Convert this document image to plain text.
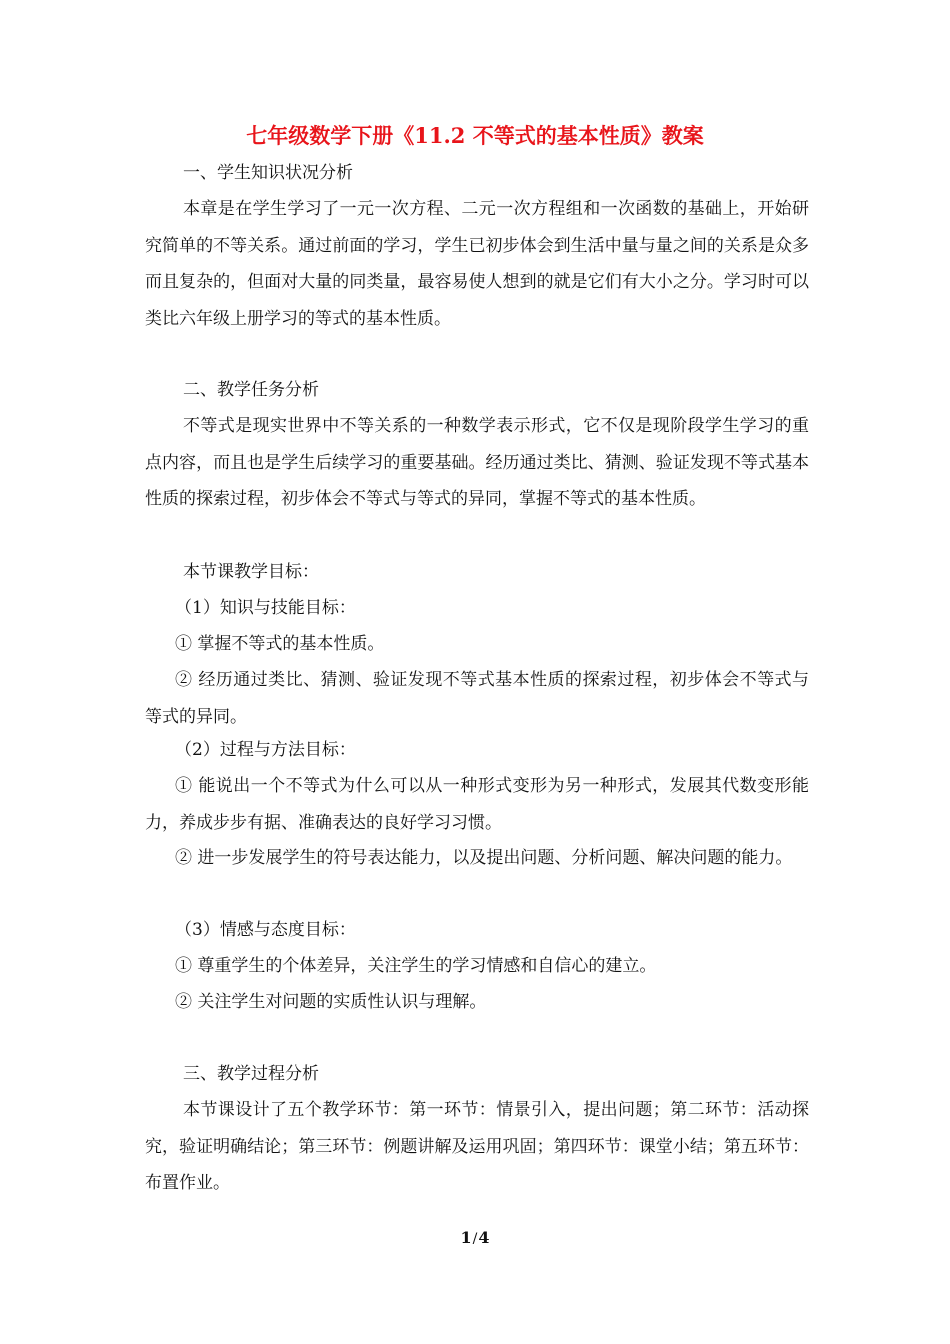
七年级数学下册《11.2 不等式的基本性质》教案

一、学生知识状况分析

本章是在学生学习了一元一次方程、二元一次方程组和一次函数的基础上，开始研究简单的不等关系。通过前面的学习，学生已初步体会到生活中量与量之间的关系是众多而且复杂的，但面对大量的同类量，最容易使人想到的就是它们有大小之分。学习时可以类比六年级上册学习的等式的基本性质。

二、教学任务分析

不等式是现实世界中不等关系的一种数学表示形式，它不仅是现阶段学生学习的重点内容，而且也是学生后续学习的重要基础。经历通过类比、猜测、验证发现不等式基本性质的探索过程，初步体会不等式与等式的异同，掌握不等式的基本性质。

本节课教学目标：

（1）知识与技能目标：

① 掌握不等式的基本性质。

② 经历通过类比、猜测、验证发现不等式基本性质的探索过程，初步体会不等式与等式的异同。

（2）过程与方法目标：

① 能说出一个不等式为什么可以从一种形式变形为另一种形式，发展其代数变形能力，养成步步有据、准确表达的良好学习习惯。

② 进一步发展学生的符号表达能力，以及提出问题、分析问题、解决问题的能力。

（3）情感与态度目标：

① 尊重学生的个体差异，关注学生的学习情感和自信心的建立。

② 关注学生对问题的实质性认识与理解。

三、教学过程分析

本节课设计了五个教学环节：第一环节：情景引入，提出问题；第二环节：活动探究，验证明确结论；第三环节：例题讲解及运用巩固；第四环节：课堂小结；第五环节：布置作业。

1/4
